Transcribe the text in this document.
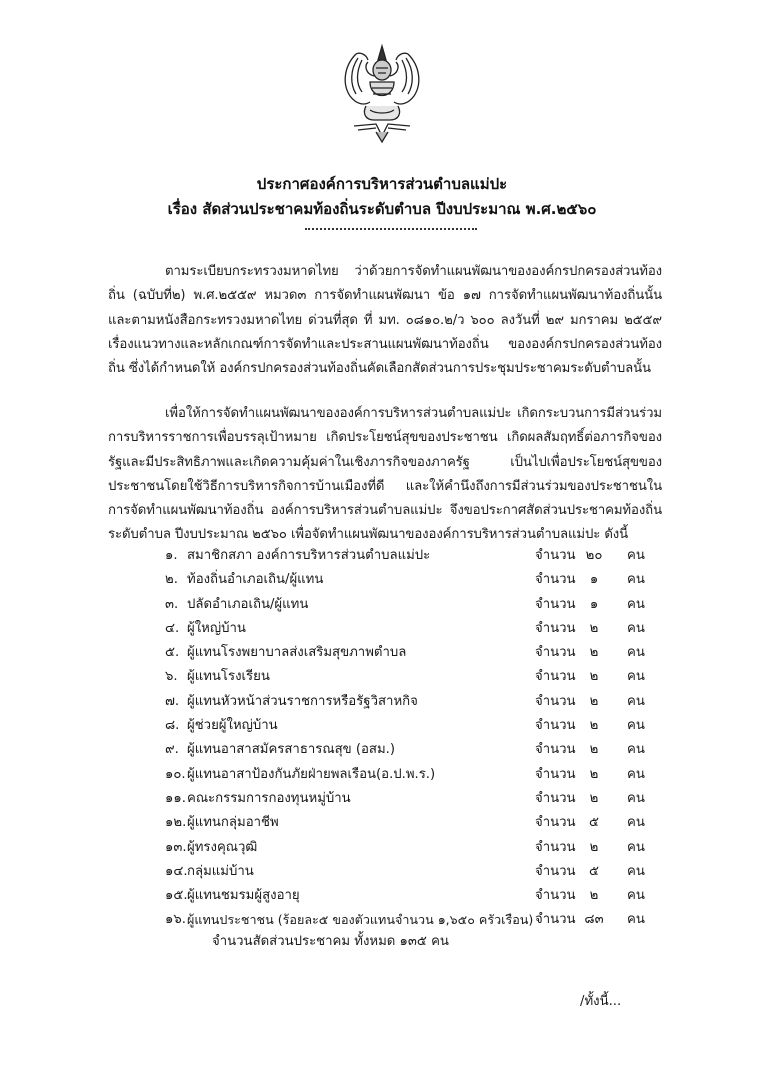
ประกาศองค์การบริหารส่วนตำบลแม่ปะ
เรื่อง สัดส่วนประชาคมท้องถิ่นระดับตำบล ปีงบประมาณ พ.ศ.๒๕๖๐
ตามระเบียบกระทรวงมหาดไทย ว่าด้วยการจัดทำแผนพัฒนาขององค์กรปกครองส่วนท้องถิ่น (ฉบับที่๒) พ.ศ.๒๕๕๙ หมวด๓ การจัดทำแผนพัฒนา ข้อ ๑๗ การจัดทำแผนพัฒนาท้องถิ่นนั้น และตามหนังสือกระทรวงมหาดไทย ด่วนที่สุด ที่ มท. ๐๘๑๐.๒/ว ๖๐๐ ลงวันที่ ๒๙ มกราคม ๒๕๕๙ เรื่องแนวทางและหลักเกณฑ์การจัดทำและประสานแผนพัฒนาท้องถิ่น ขององค์กรปกครองส่วนท้องถิ่น ซึ่งได้กำหนดให้ องค์กรปกครองส่วนท้องถิ่นคัดเลือกสัดส่วนการประชุมประชาคมระดับตำบลนั้น
เพื่อให้การจัดทำแผนพัฒนาขององค์การบริหารส่วนตำบลแม่ปะ เกิดกระบวนการมีส่วนร่วมการบริหารราชการเพื่อบรรลุเป้าหมาย เกิดประโยชน์สุขของประชาชน เกิดผลสัมฤทธิ์ต่อภารกิจของรัฐและมีประสิทธิภาพและเกิดความคุ้มค่าในเชิงภารกิจของภาครัฐ เป็นไปเพื่อประโยชน์สุขของประชาชนโดยใช้วิธีการบริหารกิจการบ้านเมืองที่ดี และให้คำนึงถึงการมีส่วนร่วมของประชาชนในการจัดทำแผนพัฒนาท้องถิ่น องค์การบริหารส่วนตำบลแม่ปะ จึงขอประกาศสัดส่วนประชาคมท้องถิ่นระดับตำบล ปีงบประมาณ ๒๕๖๐ เพื่อจัดทำแผนพัฒนาขององค์การบริหารส่วนตำบลแม่ปะ ดังนี้
๑. สมาชิกสภา องค์การบริหารส่วนตำบลแม่ปะ	จำนวน ๒๐	คน
๒. ท้องถิ่นอำเภอเถิน/ผู้แทน	จำนวน	๑	คน
๓. ปลัดอำเภอเถิน/ผู้แทน	จำนวน	๑	คน
๔. ผู้ใหญ่บ้าน	จำนวน	๒	คน
๕. ผู้แทนโรงพยาบาลส่งเสริมสุขภาพตำบล	จำนวน	๒	คน
๖. ผู้แทนโรงเรียน	จำนวน	๒	คน
๗. ผู้แทนหัวหน้าส่วนราชการหรือรัฐวิสาหกิจ	จำนวน	๒	คน
๘. ผู้ช่วยผู้ใหญ่บ้าน	จำนวน	๒	คน
๙. ผู้แทนอาสาสมัครสาธารณสุข (อสม.)	จำนวน	๒	คน
๑๐. ผู้แทนอาสาป้องกันภัยฝ่ายพลเรือน(อ.ป.พ.ร.)	จำนวน	๒	คน
๑๑. คณะกรรมการกองทุนหมู่บ้าน	จำนวน	๒	คน
๑๒. ผู้แทนกลุ่มอาชีพ	จำนวน	๕	คน
๑๓. ผู้ทรงคุณวุฒิ	จำนวน	๒	คน
๑๔. กลุ่มแม่บ้าน	จำนวน	๕	คน
๑๕. ผู้แทนชมรมผู้สูงอายุ	จำนวน	๒	คน
๑๖. ผู้แทนประชาชน (ร้อยละ๕ ของตัวแทนจำนวน ๑,๖๕๐ ครัวเรือน) จำนวน ๘๓	คน
จำนวนสัดส่วนประชาคม ทั้งหมด ๑๓๕ คน
/ทั้งนี้...
